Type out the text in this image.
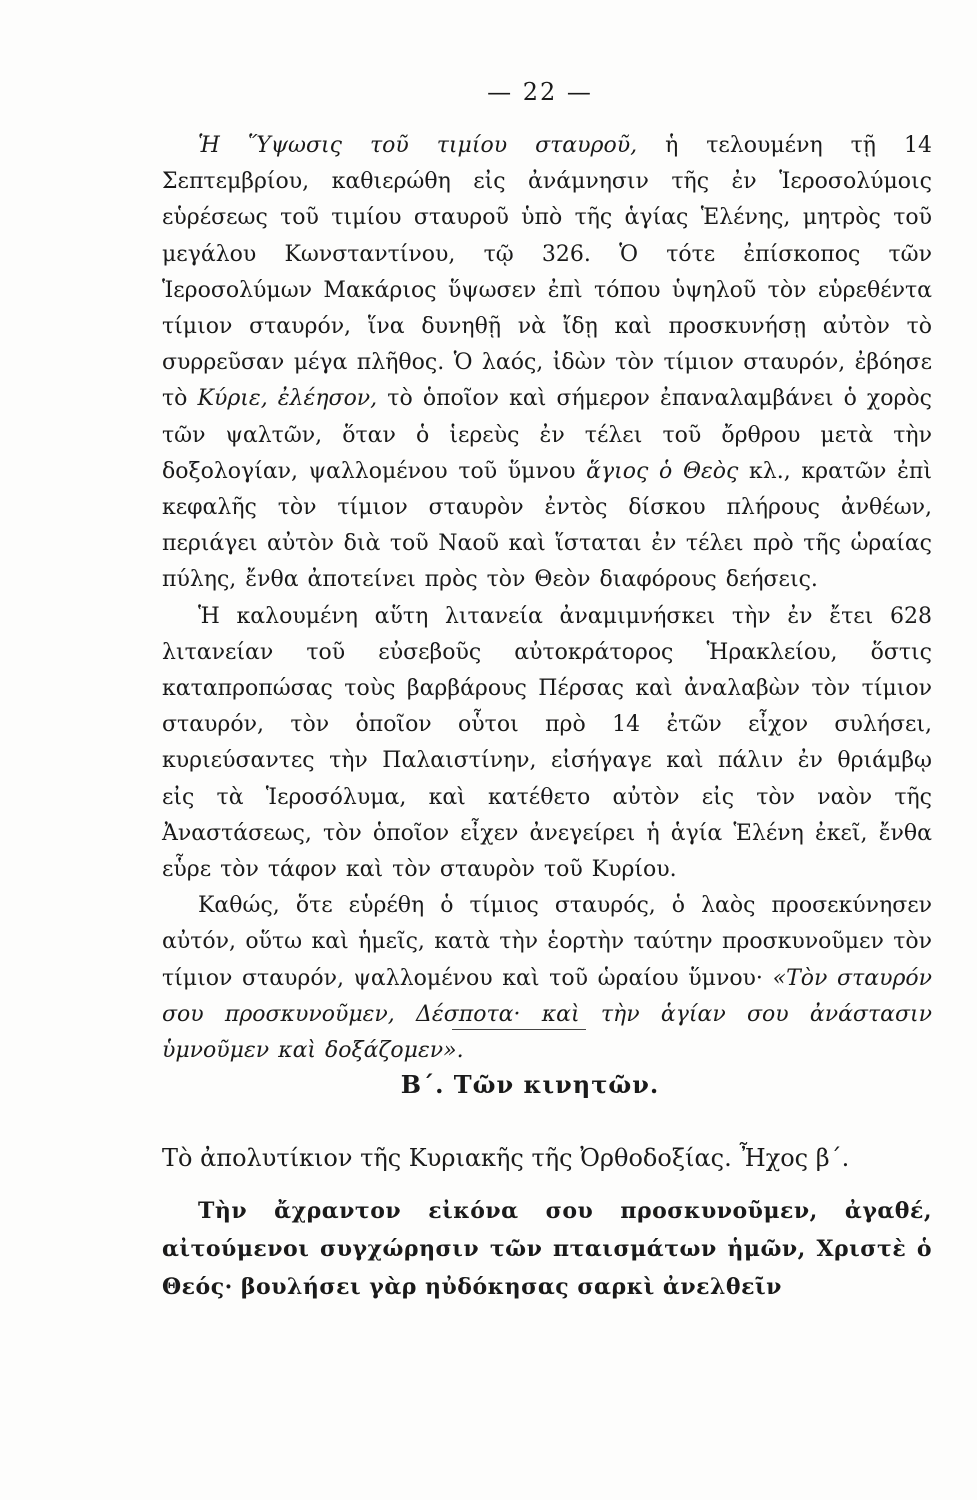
— 22 —

Ἡ Ὕψωσις τοῦ τιμίου σταυροῦ, ἡ τελουμένη τῇ 14 Σεπτεμβρίου, καθιερώθη εἰς ἀνάμνησιν τῆς ἐν Ἱεροσολύμοις εὑρέσεως τοῦ τιμίου σταυροῦ ὑπὸ τῆς ἁγίας Ἑλένης, μητρὸς τοῦ μεγάλου Κωνσταντίνου, τῷ 326. Ὁ τότε ἐπίσκοπος τῶν Ἱεροσολύμων Μακάριος ὕψωσεν ἐπὶ τόπου ὑψηλοῦ τὸν εὑρεθέντα τίμιον σταυρόν, ἵνα δυνηθῇ νὰ ἴδῃ καὶ προσκυνήσῃ αὐτὸν τὸ συρρεῦσαν μέγα πλῆθος. Ὁ λαός, ἰδὼν τὸν τίμιον σταυρόν, ἐβόησε τὸ Κύριε, ἐλέησον, τὸ ὁποῖον καὶ σήμερον ἐπαναλαμβάνει ὁ χορὸς τῶν ψαλτῶν, ὅταν ὁ ἱερεὺς ἐν τέλει τοῦ ὄρθρου μετὰ τὴν δοξολογίαν, ψαλλομένου τοῦ ὕμνου ἅγιος ὁ Θεὸς κλ., κρατῶν ἐπὶ κεφαλῆς τὸν τίμιον σταυρὸν ἐντὸς δίσκου πλήρους ἀνθέων, περιάγει αὐτὸν διὰ τοῦ Ναοῦ καὶ ἵσταται ἐν τέλει πρὸ τῆς ὡραίας πύλης, ἔνθα ἀποτείνει πρὸς τὸν Θεὸν διαφόρους δεήσεις.

Ἡ καλουμένη αὕτη λιτανεία ἀναμιμνήσκει τὴν ἐν ἔτει 628 λιτανείαν τοῦ εὐσεβοῦς αὐτοκράτορος Ἡρακλείου, ὅστις καταπροπώσας τοὺς βαρβάρους Πέρσας καὶ ἀναλαβὼν τὸν τίμιον σταυρόν, τὸν ὁποῖον οὗτοι πρὸ 14 ἐτῶν εἶχον συλήσει, κυριεύσαντες τὴν Παλαιστίνην, εἰσήγαγε καὶ πάλιν ἐν θριάμβῳ εἰς τὰ Ἱεροσόλυμα, καὶ κατέθετο αὐτὸν εἰς τὸν ναὸν τῆς Ἀναστάσεως, τὸν ὁποῖον εἶχεν ἀνεγείρει ἡ ἁγία Ἑλένη ἐκεῖ, ἔνθα εὗρε τὸν τάφον καὶ τὸν σταυρὸν τοῦ Κυρίου.

Καθώς, ὅτε εὑρέθη ὁ τίμιος σταυρός, ὁ λαὸς προσεκύνησεν αὐτόν, οὕτω καὶ ἡμεῖς, κατὰ τὴν ἑορτὴν ταύτην προσκυνοῦμεν τὸν τίμιον σταυρόν, ψαλλομένου καὶ τοῦ ὡραίου ὕμνου· «Τὸν σταυρόν σου προσκυνοῦμεν, Δέσποτα· καὶ τὴν ἁγίαν σου ἀνάστασιν ὑμνοῦμεν καὶ δοξάζομεν».

Β΄. Τῶν κινητῶν.
Τὸ ἀπολυτίκιον τῆς Κυριακῆς τῆς Ὀρθοδοξίας. Ἦχος β΄.

Τὴν ἄχραντον εἰκόνα σου προσκυνοῦμεν, ἀγαθέ, αἰτούμενοι συγχώρησιν τῶν πταισμάτων ἡμῶν, Χριστὲ ὁ Θεός· βουλήσει γὰρ ηὐδόκησας σαρκὶ ἀνελθεῖν
